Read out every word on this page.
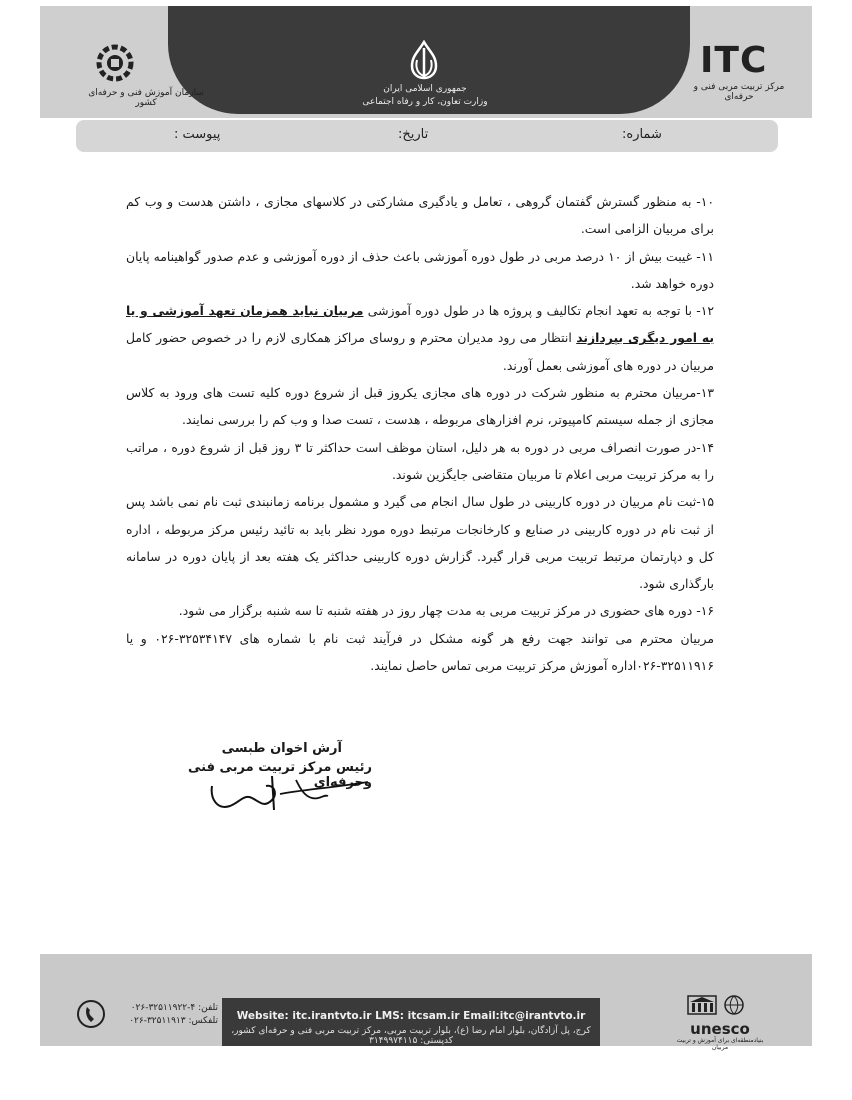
جمهوری اسلامی ایران
وزارت تعاون، کار و رفاه اجتماعی
ITC
مرکز تربیت مربی فنی و حرفه‌ای
سازمان آموزش فنی و حرفه‌ای کشور
شماره:
تاریخ:
پیوست :

۱۰- به منظور گسترش گفتمان گروهی ، تعامل و یادگیری مشارکتی در کلاسهای مجازی ، داشتن هدست و وب کم برای مربیان الزامی است.

۱۱- غیبت بیش از ۱۰ درصد مربی در طول دوره آموزشی باعث حذف از دوره آموزشی و عدم صدور گواهینامه پایان دوره خواهد شد.

۱۲- با توجه به تعهد انجام تکالیف و پروژه ها در طول دوره آموزشی مربیان نباید همزمان تعهد آموزشی و یا به امور دیگری بپردازند انتظار می رود مدیران محترم و روسای مراکز همکاری لازم را در خصوص حضور کامل مربیان در دوره های آموزشی بعمل آورند.

۱۳-مربیان محترم به منظور شرکت در دوره های مجازی یکروز قبل از شروع دوره کلیه تست های ورود به کلاس مجازی از جمله سیستم کامپیوتر، نرم افزارهای مربوطه ، هدست ، تست صدا و وب کم را بررسی نمایند.

۱۴-در صورت انصراف مربی در دوره به هر دلیل، استان موظف است حداکثر تا ۳ روز قبل از شروع دوره ، مراتب را به مرکز تربیت مربی اعلام تا مربیان متقاضی جایگزین شوند.

۱۵-ثبت نام مربیان در دوره کاربینی در طول سال انجام می گیرد و مشمول برنامه زمانبندی ثبت نام نمی باشد پس از ثبت نام در دوره کاربینی در صنایع و کارخانجات مرتبط دوره مورد نظر باید به تائید رئیس مرکز مربوطه ، اداره کل و دپارتمان مرتبط تربیت مربی قرار گیرد. گزارش دوره کاربینی حداکثر یک هفته بعد از پایان دوره در سامانه بارگذاری شود.

۱۶- دوره های حضوری در مرکز تربیت مربی به مدت چهار روز در هفته شنبه تا سه شنبه برگزار می شود.

مربیان محترم می توانند جهت رفع هر گونه مشکل در فرآیند ثبت نام با شماره های ۳۲۵۳۴۱۴۷-۰۲۶ و یا ۳۲۵۱۱۹۱۶-۰۲۶اداره آموزش مرکز تربیت مربی تماس حاصل نمایند.

آرش اخوان طبسی
رئیس مرکز تربیت مربی فنی وحرفه‌ای
Website: itc.irantvto.ir LMS: itcsam.ir Email:itc@irantvto.ir
کرج، پل آزادگان، بلوار امام رضا (ع)، بلوار تربیت مربی، مرکز تربیت مربی فنی و حرفه‌ای کشور، کدپستی: ۳۱۴۹۹۷۴۱۱۵
تلفن: ۴-۳۲۵۱۱۹۲۲-۰۲۶
تلفکس: ۳۲۵۱۱۹۱۳-۰۲۶	unesco
بنیادمنطقه‌ای برای آموزش و تربیت مربیان
